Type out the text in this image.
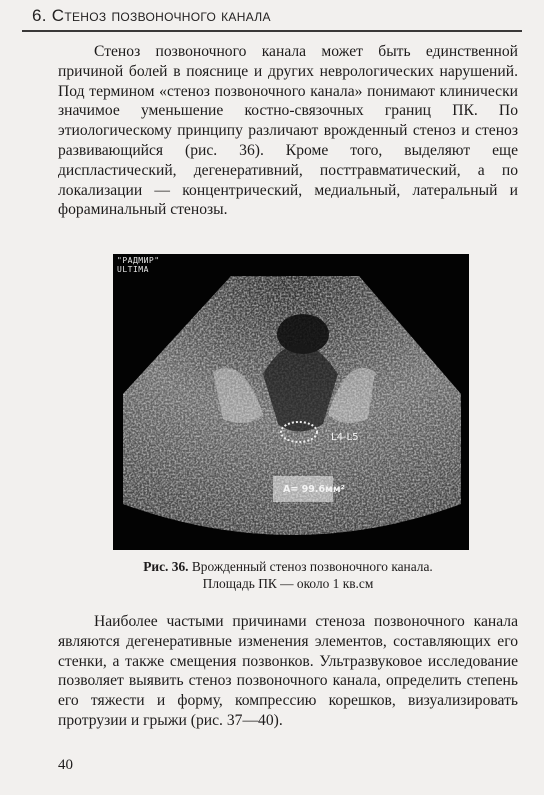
6. Стеноз позвоночного канала

Стеноз позвоночного канала может быть единственной причиной болей в пояснице и других неврологических нарушений. Под термином «стеноз позвоночного канала» понимают клинически значимое уменьшение костно-связочных границ ПК. По этиологическому принципу различают врожденный стеноз и стеноз развивающийся (рис. 36). Кроме того, выделяют еще диспластический, дегенеративний, посттравматический, а по локализации — концентрический, медиальный, латеральный и фораминальный стенозы.

"РАДМИР"
ULTIMA
L4-L5
A= 99.6мм²
Рис. 36. Врожденный стеноз позвоночного канала.
Площадь ПК — около 1 кв.см

Наиболее частыми причинами стеноза позвоночного канала являются дегенеративные изменения элементов, составляющих его стенки, а также смещения позвонков. Ультразвуковое исследование позволяет выявить стеноз позвоночного канала, определить степень его тяжести и форму, компрессию корешков, визуализировать протрузии и грыжи (рис. 37—40).

40
